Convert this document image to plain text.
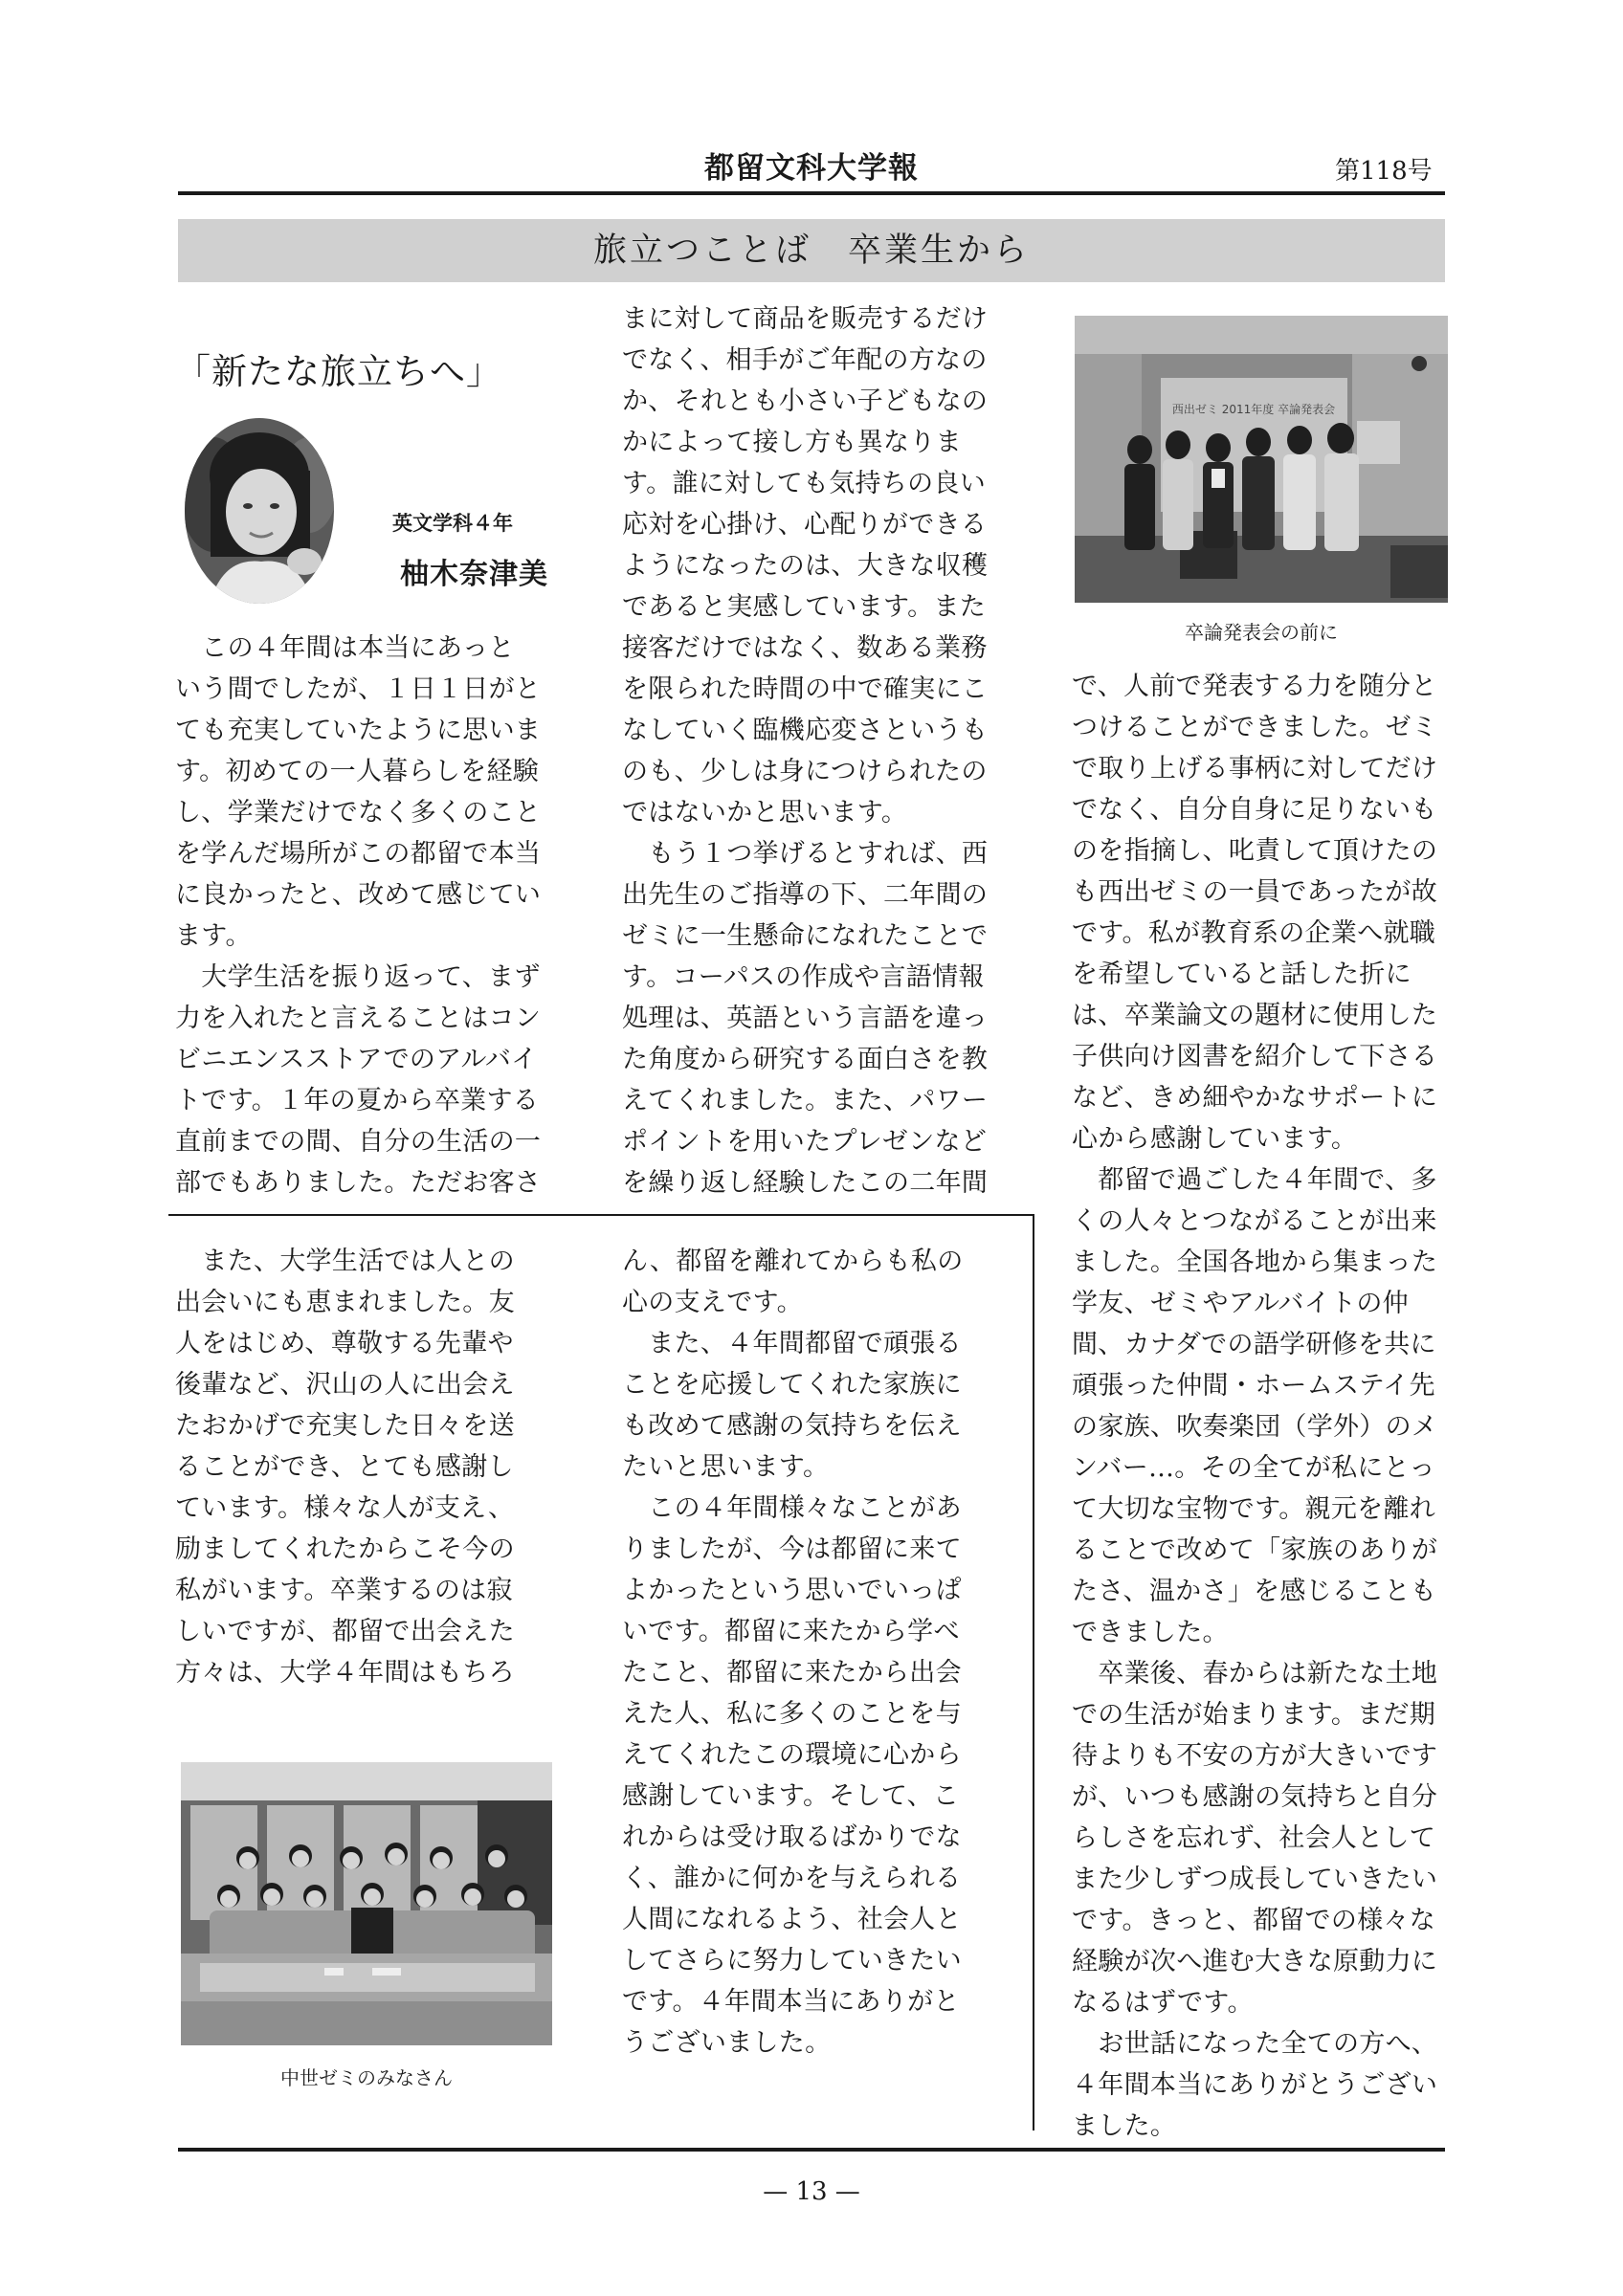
都留文科大学報	第118号
旅立つことば　卒業生から
「新たな旅立ちへ」
英文学科４年
柚木奈津美

　この４年間は本当にあっと

いう間でしたが、１日１日がと

ても充実していたように思いま

す。初めての一人暮らしを経験

し、学業だけでなく多くのこと

を学んだ場所がこの都留で本当

に良かったと、改めて感じてい

ます。

　大学生活を振り返って、まず

力を入れたと言えることはコン

ビニエンスストアでのアルバイ

トです。１年の夏から卒業する

直前までの間、自分の生活の一

部でもありました。ただお客さ

まに対して商品を販売するだけ

でなく、相手がご年配の方なの

か、それとも小さい子どもなの

かによって接し方も異なりま

す。誰に対しても気持ちの良い

応対を心掛け、心配りができる

ようになったのは、大きな収穫

であると実感しています。また

接客だけではなく、数ある業務

を限られた時間の中で確実にこ

なしていく臨機応変さというも

のも、少しは身につけられたの

ではないかと思います。

　もう１つ挙げるとすれば、西

出先生のご指導の下、二年間の

ゼミに一生懸命になれたことで

す。コーパスの作成や言語情報

処理は、英語という言語を違っ

た角度から研究する面白さを教

えてくれました。また、パワー

ポイントを用いたプレゼンなど

を繰り返し経験したこの二年間

西出ゼミ 2011年度 卒論発表会
卒論発表会の前に

で、人前で発表する力を随分と

つけることができました。ゼミ

で取り上げる事柄に対してだけ

でなく、自分自身に足りないも

のを指摘し、叱責して頂けたの

も西出ゼミの一員であったが故

です。私が教育系の企業へ就職

を希望していると話した折に

は、卒業論文の題材に使用した

子供向け図書を紹介して下さる

など、きめ細やかなサポートに

心から感謝しています。

　都留で過ごした４年間で、多

くの人々とつながることが出来

ました。全国各地から集まった

学友、ゼミやアルバイトの仲

間、カナダでの語学研修を共に

頑張った仲間・ホームステイ先

の家族、吹奏楽団（学外）のメ

ンバー…。その全てが私にとっ

て大切な宝物です。親元を離れ

ることで改めて「家族のありが

たさ、温かさ」を感じることも

できました。

　卒業後、春からは新たな土地

での生活が始まります。まだ期

待よりも不安の方が大きいです

が、いつも感謝の気持ちと自分

らしさを忘れず、社会人として

また少しずつ成長していきたい

です。きっと、都留での様々な

経験が次へ進む大きな原動力に

なるはずです。

　お世話になった全ての方へ、

４年間本当にありがとうござい

ました。

　また、大学生活では人との

出会いにも恵まれました。友

人をはじめ、尊敬する先輩や

後輩など、沢山の人に出会え

たおかげで充実した日々を送

ることができ、とても感謝し

ています。様々な人が支え、

励ましてくれたからこそ今の

私がいます。卒業するのは寂

しいですが、都留で出会えた

方々は、大学４年間はもちろ

ん、都留を離れてからも私の

心の支えです。

　また、４年間都留で頑張る

ことを応援してくれた家族に

も改めて感謝の気持ちを伝え

たいと思います。

　この４年間様々なことがあ

りましたが、今は都留に来て

よかったという思いでいっぱ

いです。都留に来たから学べ

たこと、都留に来たから出会

えた人、私に多くのことを与

えてくれたこの環境に心から

感謝しています。そして、こ

れからは受け取るばかりでな

く、誰かに何かを与えられる

人間になれるよう、社会人と

してさらに努力していきたい

です。４年間本当にありがと

うございました。

中世ゼミのみなさん
— 13 —
